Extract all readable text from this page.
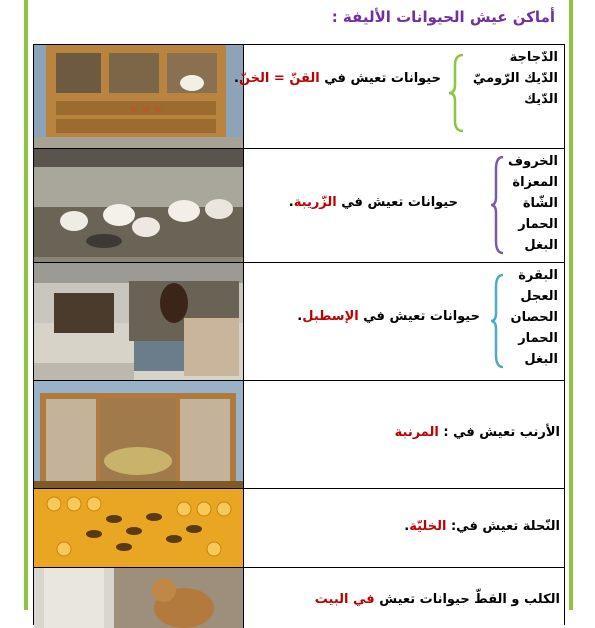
أماكن عيش الحيوانات الأليفة :
الدّجاجة
الدّيك الرّوميّ
الدّيك
حيوانات تعيش في القنّ = الخنّ.
الخروف
المعزاة
الشّاة
الحمار
البغل
حيوانات تعيش في الزّريبة.
البقرة
العجل
الحصان
الحمار
البغل
حيوانات تعيش في الإسطبل.
الأرنب تعيش في : المرنبة
النّحلة تعيش في: الخليّة.
الكلب و القطّ حيوانات تعيش في البيت
